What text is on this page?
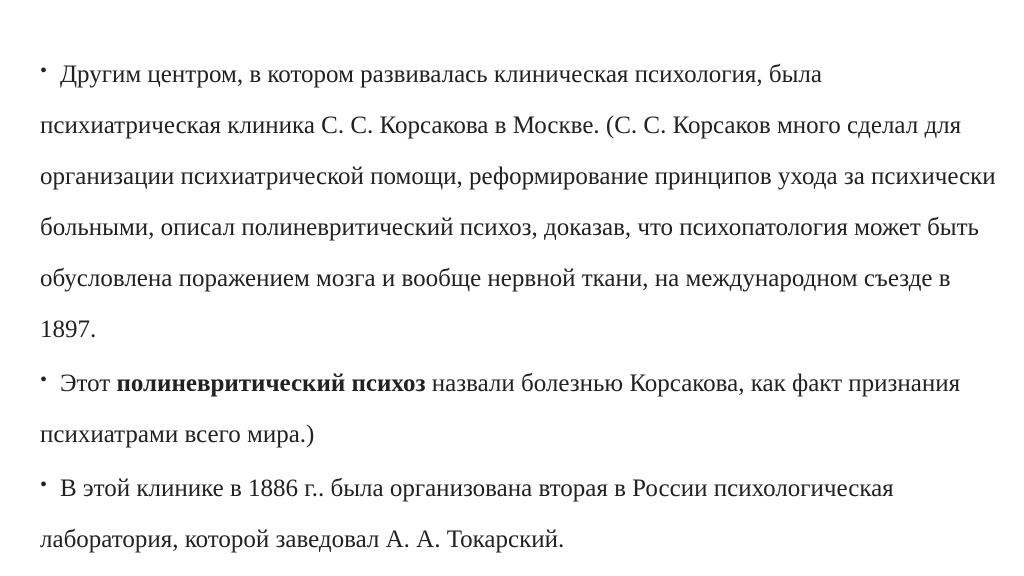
• Другим центром, в котором развивалась клиническая психология, была психиатрическая клиника С. С. Корсакова в Москве. (С. С. Корсаков много сделал для организации психиатрической помощи, реформирование принципов ухода за психически больными, описал полиневритический психоз, доказав, что психопатология может быть обусловлена поражением мозга и вообще нервной ткани, на международном съезде в 1897.

• Этот полиневритический психоз назвали болезнью Корсакова, как факт признания психиатрами всего мира.)

• В этой клинике в 1886 г.. была организована вторая в России психологическая лаборатория, которой заведовал А. А. Токарский.
